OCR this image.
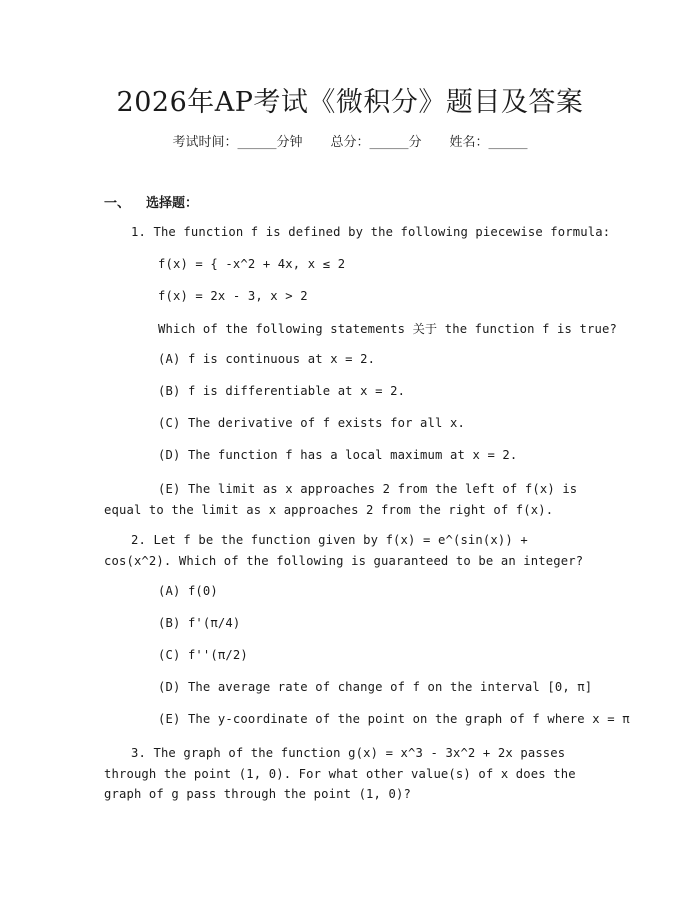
2026年AP考试《微积分》题目及答案
考试时间：______分钟 总分：______分 姓名：______
一、 选择题：
1. The function f is defined by the following piecewise formula:
f(x) = { -x^2 + 4x, x ≤ 2
f(x) = 2x - 3, x > 2
Which of the following statements 关于 the function f is true?
(A) f is continuous at x = 2.
(B) f is differentiable at x = 2.
(C) The derivative of f exists for all x.
(D) The function f has a local maximum at x = 2.
(E) The limit as x approaches 2 from the left of f(x) is equal to the limit as x approaches 2 from the right of f(x).
2. Let f be the function given by f(x) = e^(sin(x)) + cos(x^2). Which of the following is guaranteed to be an integer?
(A) f(0)
(B) f'(π/4)
(C) f''(π/2)
(D) The average rate of change of f on the interval [0, π]
(E) The y-coordinate of the point on the graph of f where x = π
3. The graph of the function g(x) = x^3 - 3x^2 + 2x passes through the point (1, 0). For what other value(s) of x does the graph of g pass through the point (1, 0)?
